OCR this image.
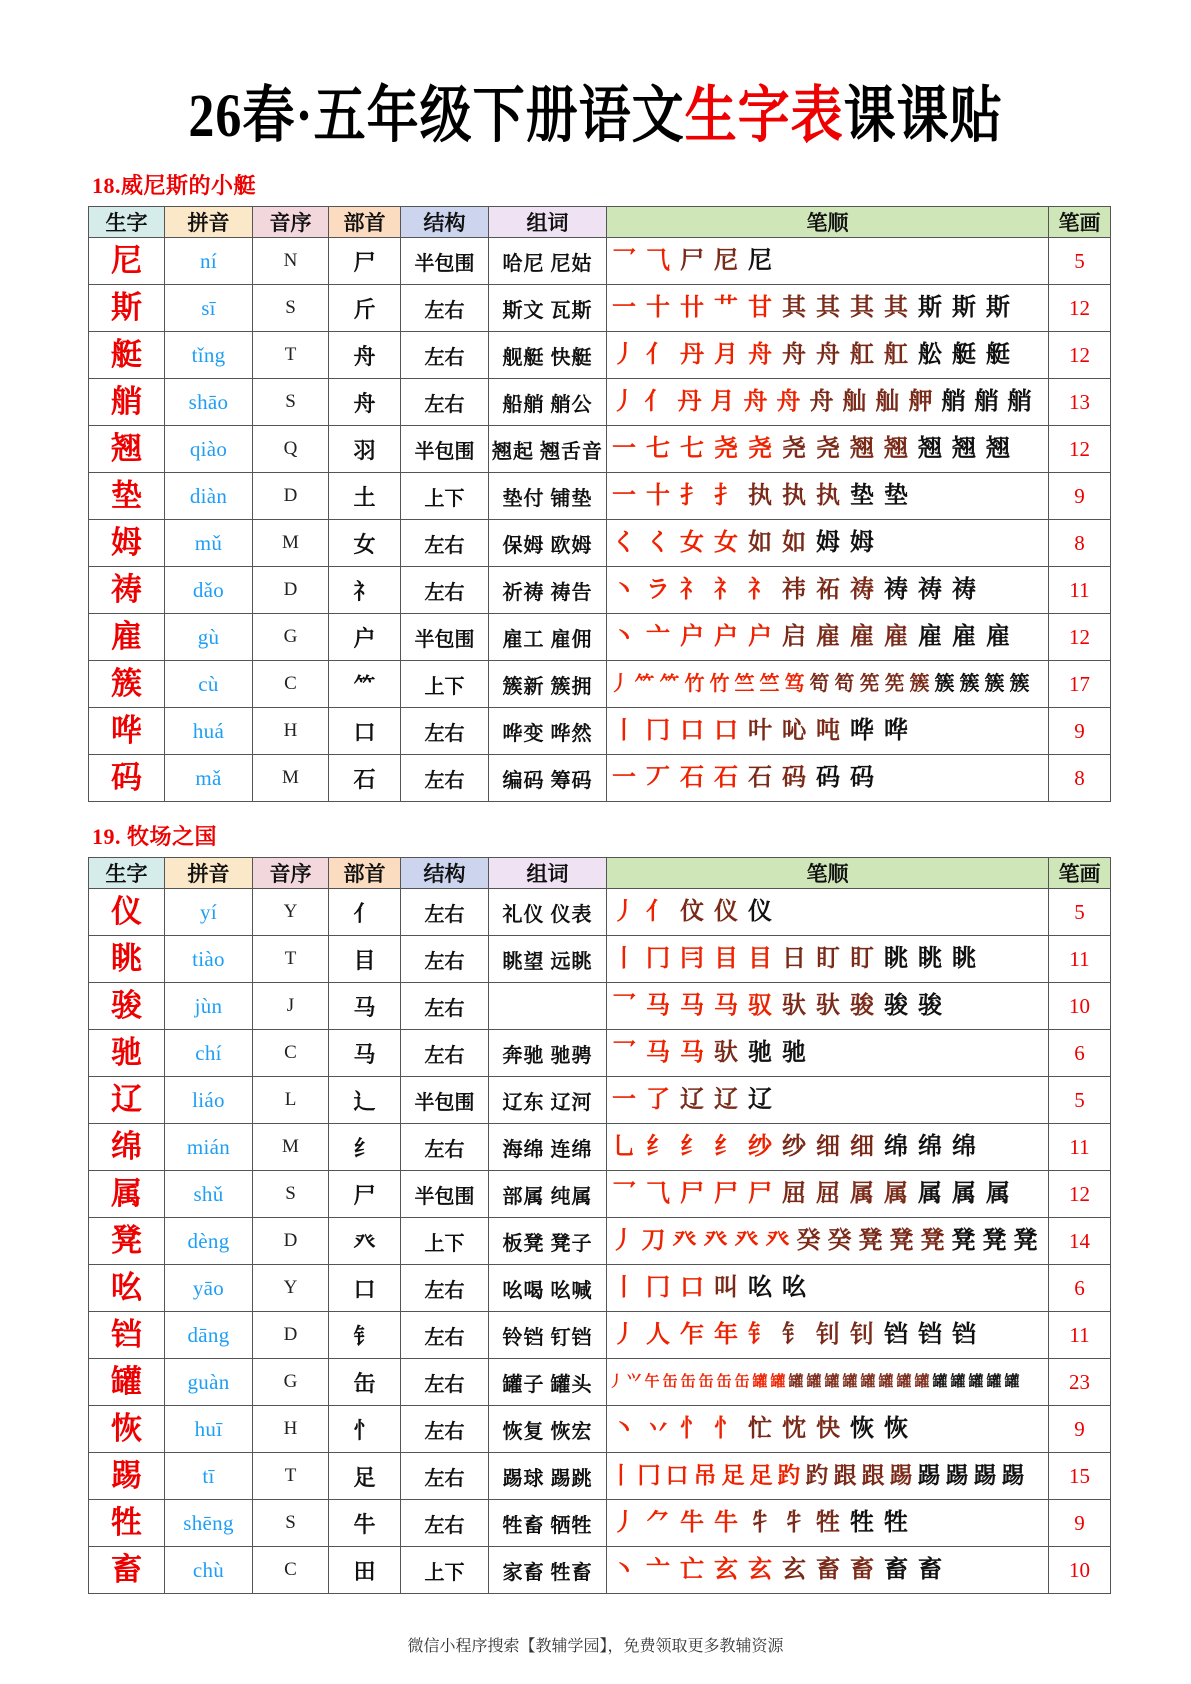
26春·五年级下册语文生字表课课贴
18.威尼斯的小艇
生字	拼音	音序	部首	结构	组词	笔顺	笔画
尼	ní	N	尸	半包围	哈尼 尼姑	乛 ⺄ 尸 尼 尼	5
斯	sī	S	斤	左右	斯文 瓦斯	一 十 卄 艹 甘 其 其 其 其 斯 斯 斯	12
艇	tǐng	T	舟	左右	舰艇 快艇	丿 亻 丹 月 舟 舟 舟 舡 舡 舩 艇 艇	12
艄	shāo	S	舟	左右	船艄 艄公	丿 亻 丹 月 舟 舟 舟 舢 舢 舺 艄 艄 艄	13
翘	qiào	Q	羽	半包围	翘起 翘舌音	一 七 七 尧 尧 尧 尧 翘 翘 翘 翘 翘	12
垫	diàn	D	土	上下	垫付 铺垫	一 十 扌 扌 执 执 执 垫 垫	9
姆	mǔ	M	女	左右	保姆 欧姆	く く 女 女 如 如 姆 姆	8
祷	dǎo	D	礻	左右	祈祷 祷告	丶 ラ 礻 礻 礻 祎 祏 祷 祷 祷 祷	11
雇	gù	G	户	半包围	雇工 雇佣	丶 亠 户 户 户 启 雇 雇 雇 雇 雇 雇	12
簇	cù	C	⺮	上下	簇新 簇拥	丿 ⺮ ⺮ 竹 竹 竺 竺 笃 笱 笱 筅 筅 簇 簇 簇 簇 簇	17
哗	huá	H	口	左右	哗变 哗然	丨 冂 口 口 叶 吣 吨 哗 哗	9
码	mǎ	M	石	左右	编码 筹码	一 丆 石 石 石 码 码 码	8
19. 牧场之国
生字	拼音	音序	部首	结构	组词	笔顺	笔画
仪	yí	Y	亻	左右	礼仪 仪表	丿 亻 伩 仪 仪	5
眺	tiào	T	目	左右	眺望 远眺	丨 冂 冃 目 目 日 盯 盯 眺 眺 眺	11
骏	jùn	J	马	左右		乛 马 马 马 驭 驮 驮 骏 骏 骏	10
驰	chí	C	马	左右	奔驰 驰骋	乛 马 马 驮 驰 驰	6
辽	liáo	L	辶	半包围	辽东 辽河	一 了 辽 辽 辽	5
绵	mián	M	纟	左右	海绵 连绵	乚 纟 纟 纟 纱 纱 细 细 绵 绵 绵	11
属	shǔ	S	尸	半包围	部属 纯属	乛 ⺄ 尸 尸 尸 屈 屈 属 属 属 属 属	12
凳	dèng	D	癶	上下	板凳 凳子	丿 刀 癶 癶 癶 癶 癸 癸 凳 凳 凳 凳 凳 凳	14
吆	yāo	Y	口	左右	吆喝 吆喊	丨 冂 口 叫 吆 吆	6
铛	dāng	D	钅	左右	铃铛 钉铛	丿 人 乍 年 钅 钅 钊 钊 铛 铛 铛	11
罐	guàn	G	缶	左右	罐子 罐头	丿 ⺍ 午 缶 缶 缶 缶 缶 罐 罐 罐 罐 罐 罐 罐 罐 罐 罐 罐 罐 罐 罐 罐	23
恢	huī	H	忄	左右	恢复 恢宏	丶 丷 忄 忄 忙 忱 快 恢 恢	9
踢	tī	T	足	左右	踢球 踢跳	丨 冂 口 吊 足 足 趵 趵 跟 跟 踢 踢 踢 踢 踢	15
牲	shēng	S	牛	左右	牲畜 牺牲	丿 ⺈ 牛 牛 牜 牜 牲 牲 牲	9
畜	chù	C	田	上下	家畜 牲畜	丶 亠 亡 玄 玄 玄 畜 畜 畜 畜	10
微信小程序搜索【教辅学园】，免费领取更多教辅资源
